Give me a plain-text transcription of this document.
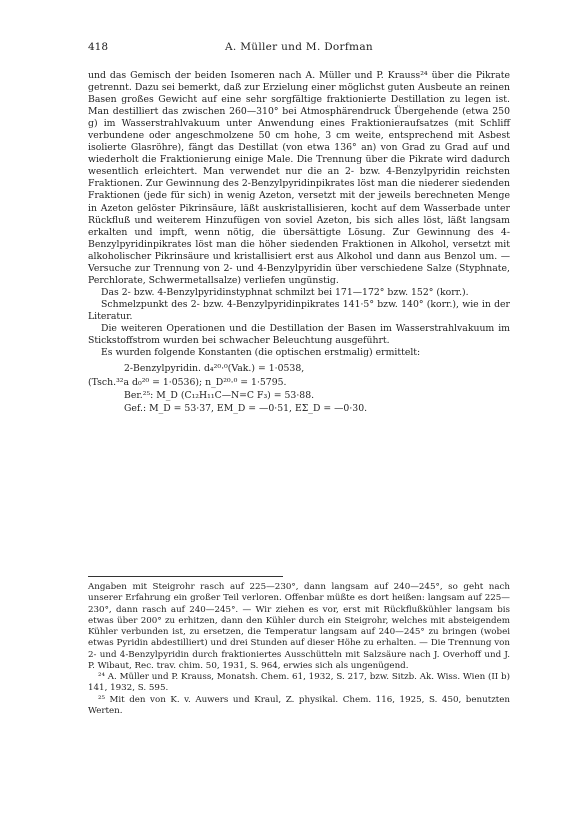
418	A. Müller und M. Dorfman

und das Gemisch der beiden Isomeren nach A. Müller und P. Krauss²⁴ über die Pikrate getrennt. Dazu sei bemerkt, daß zur Erzielung einer möglichst guten Ausbeute an reinen Basen großes Gewicht auf eine sehr sorgfältige fraktionierte Destillation zu legen ist. Man destilliert das zwischen 260—310° bei Atmosphärendruck Übergehende (etwa 250 g) im Wasserstrahlvakuum unter Anwendung eines Fraktionieraufsatzes (mit Schliff verbundene oder angeschmolzene 50 cm hohe, 3 cm weite, entsprechend mit Asbest isolierte Glasröhre), fängt das Destillat (von etwa 136° an) von Grad zu Grad auf und wiederholt die Fraktionierung einige Male. Die Trennung über die Pikrate wird dadurch wesentlich erleichtert. Man verwendet nur die an 2- bzw. 4-Benzylpyridin reichsten Fraktionen. Zur Gewinnung des 2-Benzylpyridinpikrates löst man die niederer siedenden Fraktionen (jede für sich) in wenig Azeton, versetzt mit der jeweils berechneten Menge in Azeton gelöster Pikrinsäure, läßt auskristallisieren, kocht auf dem Wasserbade unter Rückfluß und weiterem Hinzufügen von soviel Azeton, bis sich alles löst, läßt langsam erkalten und impft, wenn nötig, die übersättigte Lösung. Zur Gewinnung des 4-Benzylpyridinpikrates löst man die höher siedenden Fraktionen in Alkohol, versetzt mit alkoholischer Pikrinsäure und kristallisiert erst aus Alkohol und dann aus Benzol um. — Versuche zur Trennung von 2- und 4-Benzylpyridin über verschiedene Salze (Styphnate, Perchlorate, Schwermetallsalze) verliefen ungünstig.

Das 2- bzw. 4-Benzylpyridinstyphnat schmilzt bei 171—172° bzw. 152° (korr.).

Schmelzpunkt des 2- bzw. 4-Benzylpyridinpikrates 141·5° bzw. 140° (korr.), wie in der Literatur.

Die weiteren Operationen und die Destillation der Basen im Wasserstrahlvakuum im Stickstoffstrom wurden bei schwacher Beleuchtung ausgeführt.

Es wurden folgende Konstanten (die optischen erstmalig) ermittelt:

2-Benzylpyridin. d₄²⁰·⁰(Vak.) = 1·0538,
(Tsch.³²a d₀²⁰ = 1·0536); n_D²⁰·⁰ = 1·5795.
Ber.²⁵: M_D (C₁₂H₁₁C—N=C F₃) = 53·88.
Gef.: M_D = 53·37, EM_D = —0·51, EΣ_D = —0·30.

Angaben mit Steigrohr rasch auf 225—230°, dann langsam auf 240—245°, so geht nach unserer Erfahrung ein großer Teil verloren. Offenbar müßte es dort heißen: langsam auf 225—230°, dann rasch auf 240—245°. — Wir ziehen es vor, erst mit Rückflußkühler langsam bis etwas über 200° zu erhitzen, dann den Kühler durch ein Steigrohr, welches mit absteigendem Kühler verbunden ist, zu ersetzen, die Temperatur langsam auf 240—245° zu bringen (wobei etwas Pyridin abdestilliert) und drei Stunden auf dieser Höhe zu erhalten. — Die Trennung von 2- und 4-Benzylpyridin durch fraktioniertes Ausschütteln mit Salzsäure nach J. Overhoff und J. P. Wibaut, Rec. trav. chim. 50, 1931, S. 964, erwies sich als ungenügend.

²⁴ A. Müller und P. Krauss, Monatsh. Chem. 61, 1932, S. 217, bzw. Sitzb. Ak. Wiss. Wien (II b) 141, 1932, S. 595.

²⁵ Mit den von K. v. Auwers und Kraul, Z. physikal. Chem. 116, 1925, S. 450, benutzten Werten.
